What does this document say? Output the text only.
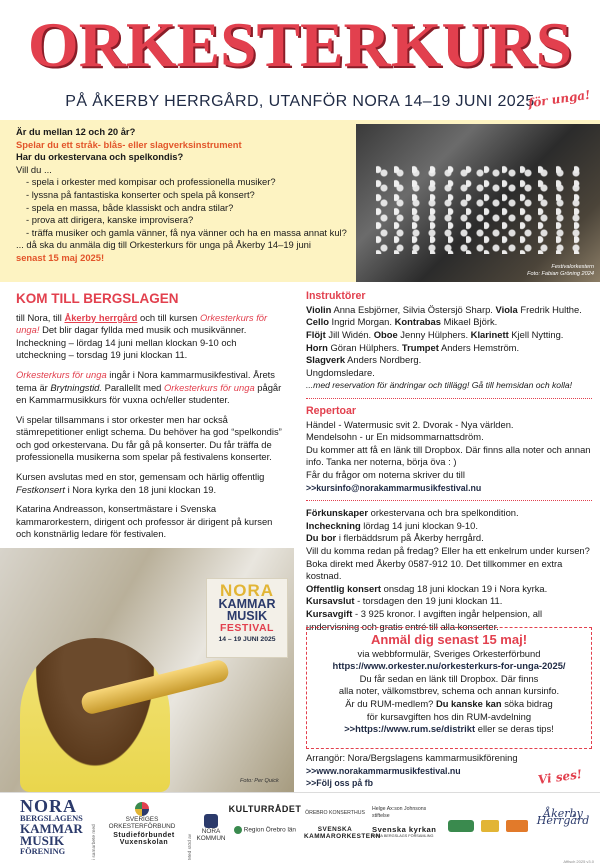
ORKESTERKURS
PÅ ÅKERBY HERRGÅRD, UTANFÖR NORA 14–19 JUNI 2025
för unga!
Är du mellan 12 och 20 år?
Spelar du ett stråk- blås- eller slagverksinstrument
Har du orkestervana och spelkondis?
Vill du ...
- spela i orkester med kompisar och professionella musiker?
- lyssna på fantastiska konserter och spela på konsert?
- spela en massa, både klassiskt och andra stilar?
- prova att dirigera, kanske improvisera?
- träffa musiker och gamla vänner, få nya vänner och ha en massa annat kul?
... då ska du anmäla dig till Orkesterkurs för unga på Åkerby 14–19 juni
senast 15 maj 2025!
Festivalorkestern
Foto: Fabian Gröning 2024
KOM TILL BERGSLAGEN

till Nora, till Åkerby herrgård och till kursen Orkesterkurs för unga! Det blir dagar fyllda med musik och musikvänner. Incheckning – lördag 14 juni mellan klockan 9-10 och utcheckning – torsdag 19 juni klockan 11.

Orkesterkurs för unga ingår i Nora kammarmusikfestival. Årets tema är Brytningstid. Parallellt med Orkesterkurs för unga pågår en Kammarmusikkurs för vuxna och/eller studenter.

Vi spelar tillsammans i stor orkester men har också stämrepetitioner enligt schema. Du behöver ha god “spelkondis” och god orkestervana. Du får gå på konserter. Du får träffa de professionella musikerna som spelar på festivalens konserter.

Kursen avslutas med en stor, gemensam och härlig offentlig Festkonsert i Nora kyrka den 18 juni klockan 19.

Katarina Andreasson, konsertmästare i Svenska kammarorkestern, dirigent och professor är dirigent på kursen och konstnärlig ledare för festivalen.

Foto: Per Quick
NORA
KAMMAR
MUSIK
FESTIVAL
14 – 19 JUNI 2025
Instruktörer
Violin Anna Esbjörner, Silvia Östersjö Sharp. Viola Fredrik Hulthe.
Cello Ingrid Morgan. Kontrabas Mikael Björk.
Flöjt Jill Widén. Oboe Jenny Hülphers. Klarinett Kjell Nytting.
Horn Göran Hülphers. Trumpet Anders Hemström.
Slagverk Anders Nordberg.
Ungdomsledare.
...med reservation för ändringar och tillägg! Gå till hemsidan och kolla!
Repertoar
Händel - Watermusic svit 2. Dvorak - Nya världen.
Mendelsohn - ur En midsommarnattsdröm.
Du kommer att få en länk till Dropbox. Där finns alla noter och annan info. Tanka ner noterna, börja öva : )
Får du frågor om noterna skriver du till
>>kursinfo@norakammarmusikfestival.nu
Förkunskaper orkestervana och bra spelkondition.
Incheckning lördag 14 juni klockan 9-10.
Du bor i flerbäddsrum på Åkerby herrgård.
Vill du komma redan på fredag? Eller ha ett enkelrum under kursen? Boka direkt med Åkerby 0587-912 10. Det tillkommer en extra kostnad.
Offentlig konsert onsdag 18 juni klockan 19 i Nora kyrka.
Kursavslut - torsdagen den 19 juni klockan 11.
Kursavgift - 3 925 kronor. I avgiften ingår helpension, all undervisning och gratis entré till alla konserter.
Anmäl dig senast 15 maj!
via webbformulär, Sveriges Orkesterförbund
https://www.orkester.nu/orkesterkurs-for-unga-2025/
Du får sedan en länk till Dropbox. Där finns
alla noter, välkomstbrev, schema och annan kursinfo.
Är du RUM-medlem? Du kanske kan söka bidrag
för kursavgiften hos din RUM-avdelning
>>https://www.rum.se/distrikt eller se deras tips!
Arrangör: Nora/Bergslagens kammarmusikförening
>>www.norakammarmusikfestival.nu
>>Följ oss på fb	Vi ses!
NORA
BERGSLAGENS
KAMMAR
MUSIK
FÖRENING	i samarbete med	Med stöd av
SVERIGES ORKESTERFÖRBUND
Studieförbundet Vuxenskolan
NORA KOMMUN
KULTURRÅDET
Region Örebro län
ÖREBRO KONSERTHUS
SVENSKA KAMMARORKESTERN
Helge Ax:son Johnsons stiftelse
Svenska kyrkan
NORA BERGSLAGS FÖRSAMLING
Åkerby Herrgård
Affisch 2025 v3.0
